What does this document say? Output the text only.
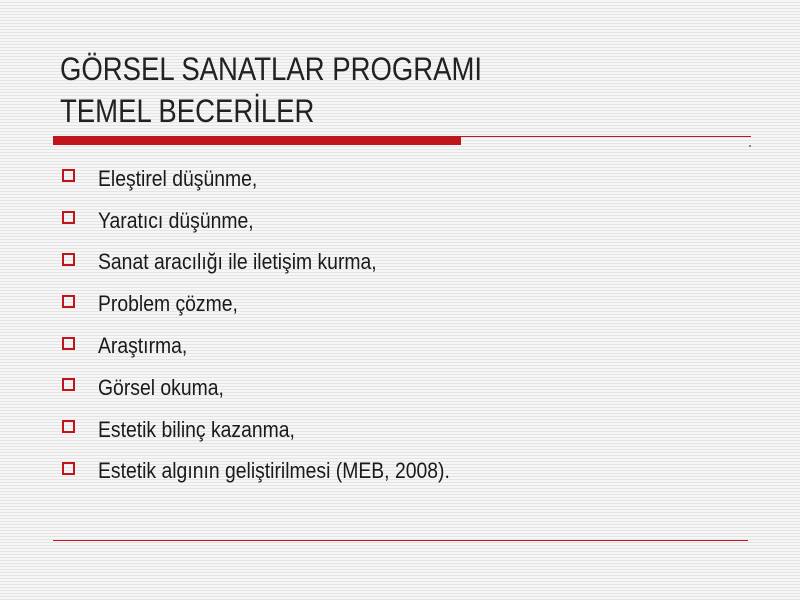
GÖRSEL SANATLAR PROGRAMI
TEMEL BECERİLER
Eleştirel düşünme,
Yaratıcı düşünme,
Sanat aracılığı ile iletişim kurma,
Problem çözme,
Araştırma,
Görsel okuma,
Estetik bilinç kazanma,
Estetik algının geliştirilmesi (MEB, 2008).
